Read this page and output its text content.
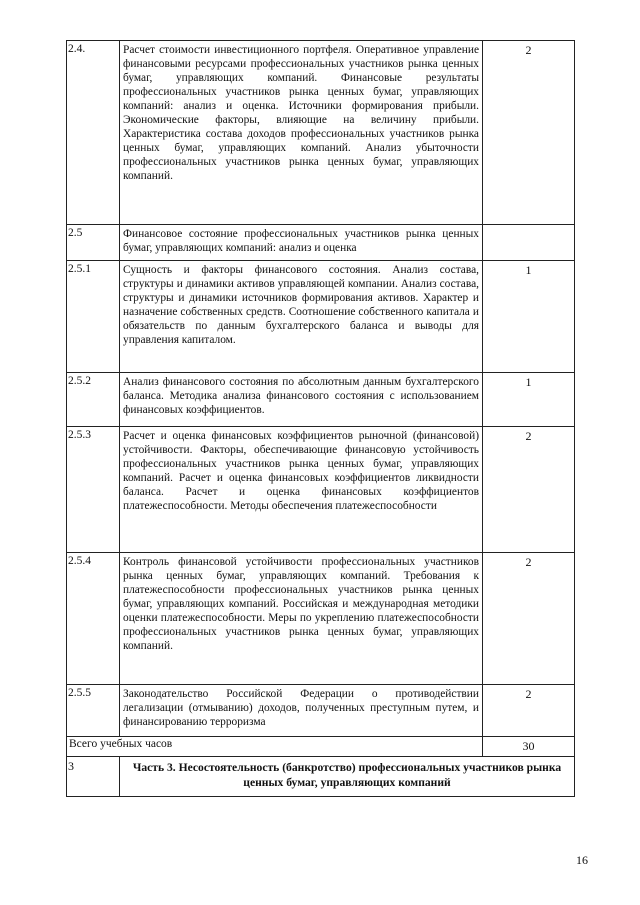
2.4.	Расчет стоимости инвестиционного портфеля. Оперативное управление финансовыми ресурсами профессиональных участников рынка ценных бумаг, управляющих компаний. Финансовые результаты профессиональных участников рынка ценных бумаг, управляющих компаний: анализ и оценка. Источники формирования прибыли. Экономические факторы, влияющие на величину прибыли. Характеристика состава доходов профессиональных участников рынка ценных бумаг, управляющих компаний. Анализ убыточности профессиональных участников рынка ценных бумаг, управляющих компаний.	2
2.5	Финансовое состояние профессиональных участников рынка ценных бумаг, управляющих компаний: анализ и оценка	
2.5.1	Сущность и факторы финансового состояния. Анализ состава, структуры и динамики активов управляющей компании. Анализ состава, структуры и динамики источников формирования активов. Характер и назначение собственных средств. Соотношение собственного капитала и обязательств по данным бухгалтерского баланса и выводы для управления капиталом.	1
2.5.2	Анализ финансового состояния по абсолютным данным бухгалтерского баланса. Методика анализа финансового состояния с использованием финансовых коэффициентов.	1
2.5.3	Расчет и оценка финансовых коэффициентов рыночной (финансовой) устойчивости. Факторы, обеспечивающие финансовую устойчивость профессиональных участников рынка ценных бумаг, управляющих компаний. Расчет и оценка финансовых коэффициентов ликвидности баланса. Расчет и оценка финансовых коэффициентов платежеспособности. Методы обеспечения платежеспособности	2
2.5.4	Контроль финансовой устойчивости профессиональных участников рынка ценных бумаг, управляющих компаний. Требования к платежеспособности профессиональных участников рынка ценных бумаг, управляющих компаний. Российская и международная методики оценки платежеспособности. Меры по укреплению платежеспособности профессиональных участников рынка ценных бумаг, управляющих компаний.	2
2.5.5	Законодательство Российской Федерации о противодействии легализации (отмыванию) доходов, полученных преступным путем, и финансированию терроризма	2
Всего учебных часов		30
3	Часть 3. Несостоятельность (банкротство) профессиональных участников рынка ценных бумаг, управляющих компаний	
16
